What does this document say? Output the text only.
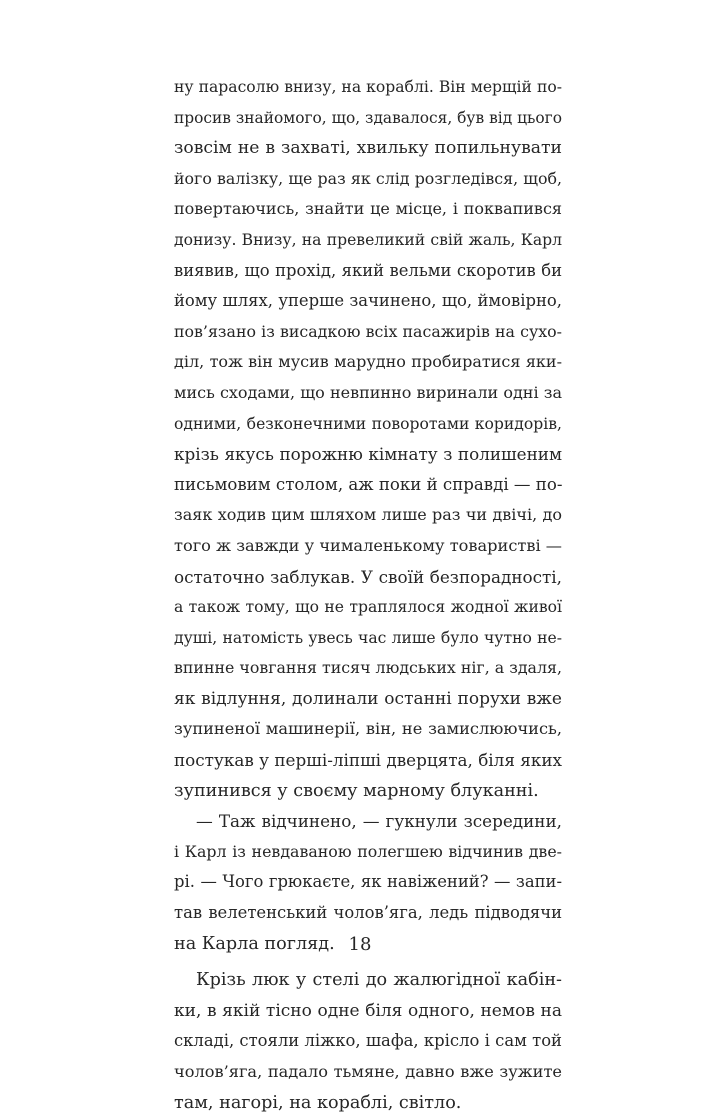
ну парасолю внизу, на кораблі. Він мерщій по-
просив знайомого, що, здавалося, був від цього
зовсім не в захваті, хвильку попильнувати
його валізку, ще раз як слід розгледівся, щоб,
повертаючись, знайти це місце, і поквапився
донизу. Внизу, на превеликий свій жаль, Карл
виявив, що прохід, який вельми скоротив би
йому шлях, уперше зачинено, що, ймовірно,
пов’язано із висадкою всіх пасажирів на сухо-
діл, тож він мусив марудно пробиратися яки-
мись сходами, що невпинно виринали одні за
одними, безконечними поворотами коридорів,
крізь якусь порожню кімнату з полишеним
письмовим столом, аж поки й справді — по-
заяк ходив цим шляхом лише раз чи двічі, до
того ж завжди у чималенькому товаристві —
остаточно заблукав. У своїй безпорадності,
а також тому, що не траплялося жодної живої
душі, натомість увесь час лише було чутно не-
впинне човгання тисяч людських ніг, а здаля,
як відлуння, долинали останні порухи вже
зупиненої машинерії, він, не замислюючись,
постукав у перші-ліпші дверцята, біля яких
зупинився у своєму марному блуканні.
— Таж відчинено, — гукнули зсередини,
і Карл із невдаваною полегшею відчинив две-
рі. — Чого грюкаєте, як навіжений? — запи-
тав велетенський чолов’яга, ледь підводячи
на Карла погляд.
Крізь люк у стелі до жалюгідної кабін-
ки, в якій тісно одне біля одного, немов на
складі, стояли ліжко, шафа, крісло і сам той
чолов’яга, падало тьмяне, давно вже зужите
там, нагорі, на кораблі, світло.
18
